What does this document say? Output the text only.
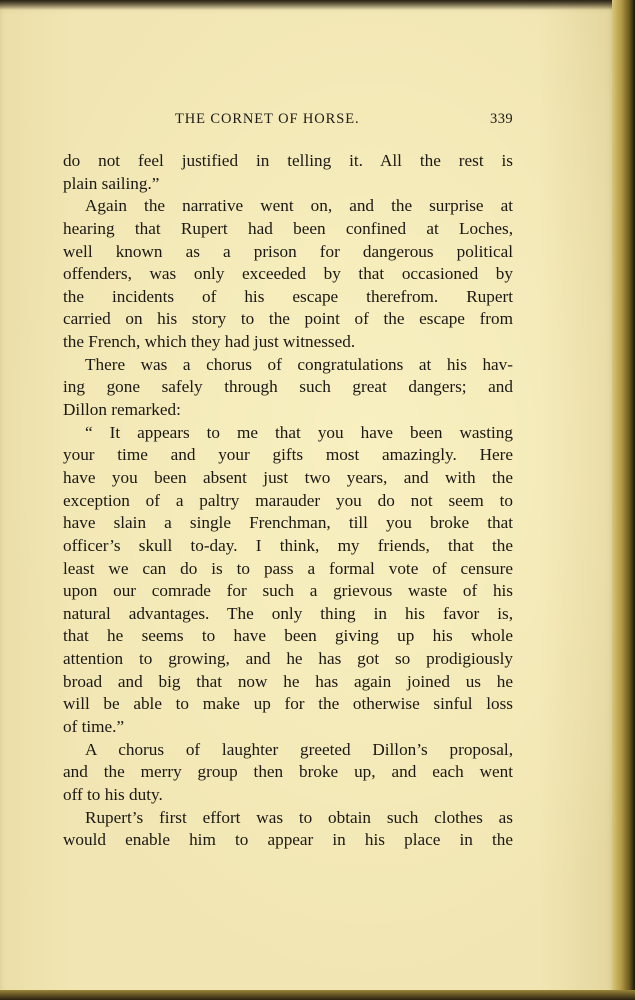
THE CORNET OF HORSE.	339
do not feel justified in telling it. All the rest is
plain sailing.”
Again the narrative went on, and the surprise at
hearing that Rupert had been confined at Loches,
well known as a prison for dangerous political
offenders, was only exceeded by that occasioned by
the incidents of his escape therefrom. Rupert
carried on his story to the point of the escape from
the French, which they had just witnessed.
There was a chorus of congratulations at his hav-
ing gone safely through such great dangers; and
Dillon remarked:
“ It appears to me that you have been wasting
your time and your gifts most amazingly. Here
have you been absent just two years, and with the
exception of a paltry marauder you do not seem to
have slain a single Frenchman, till you broke that
officer’s skull to-day. I think, my friends, that the
least we can do is to pass a formal vote of censure
upon our comrade for such a grievous waste of his
natural advantages. The only thing in his favor is,
that he seems to have been giving up his whole
attention to growing, and he has got so prodigiously
broad and big that now he has again joined us he
will be able to make up for the otherwise sinful loss
of time.”
A chorus of laughter greeted Dillon’s proposal,
and the merry group then broke up, and each went
off to his duty.
Rupert’s first effort was to obtain such clothes as
would enable him to appear in his place in the
